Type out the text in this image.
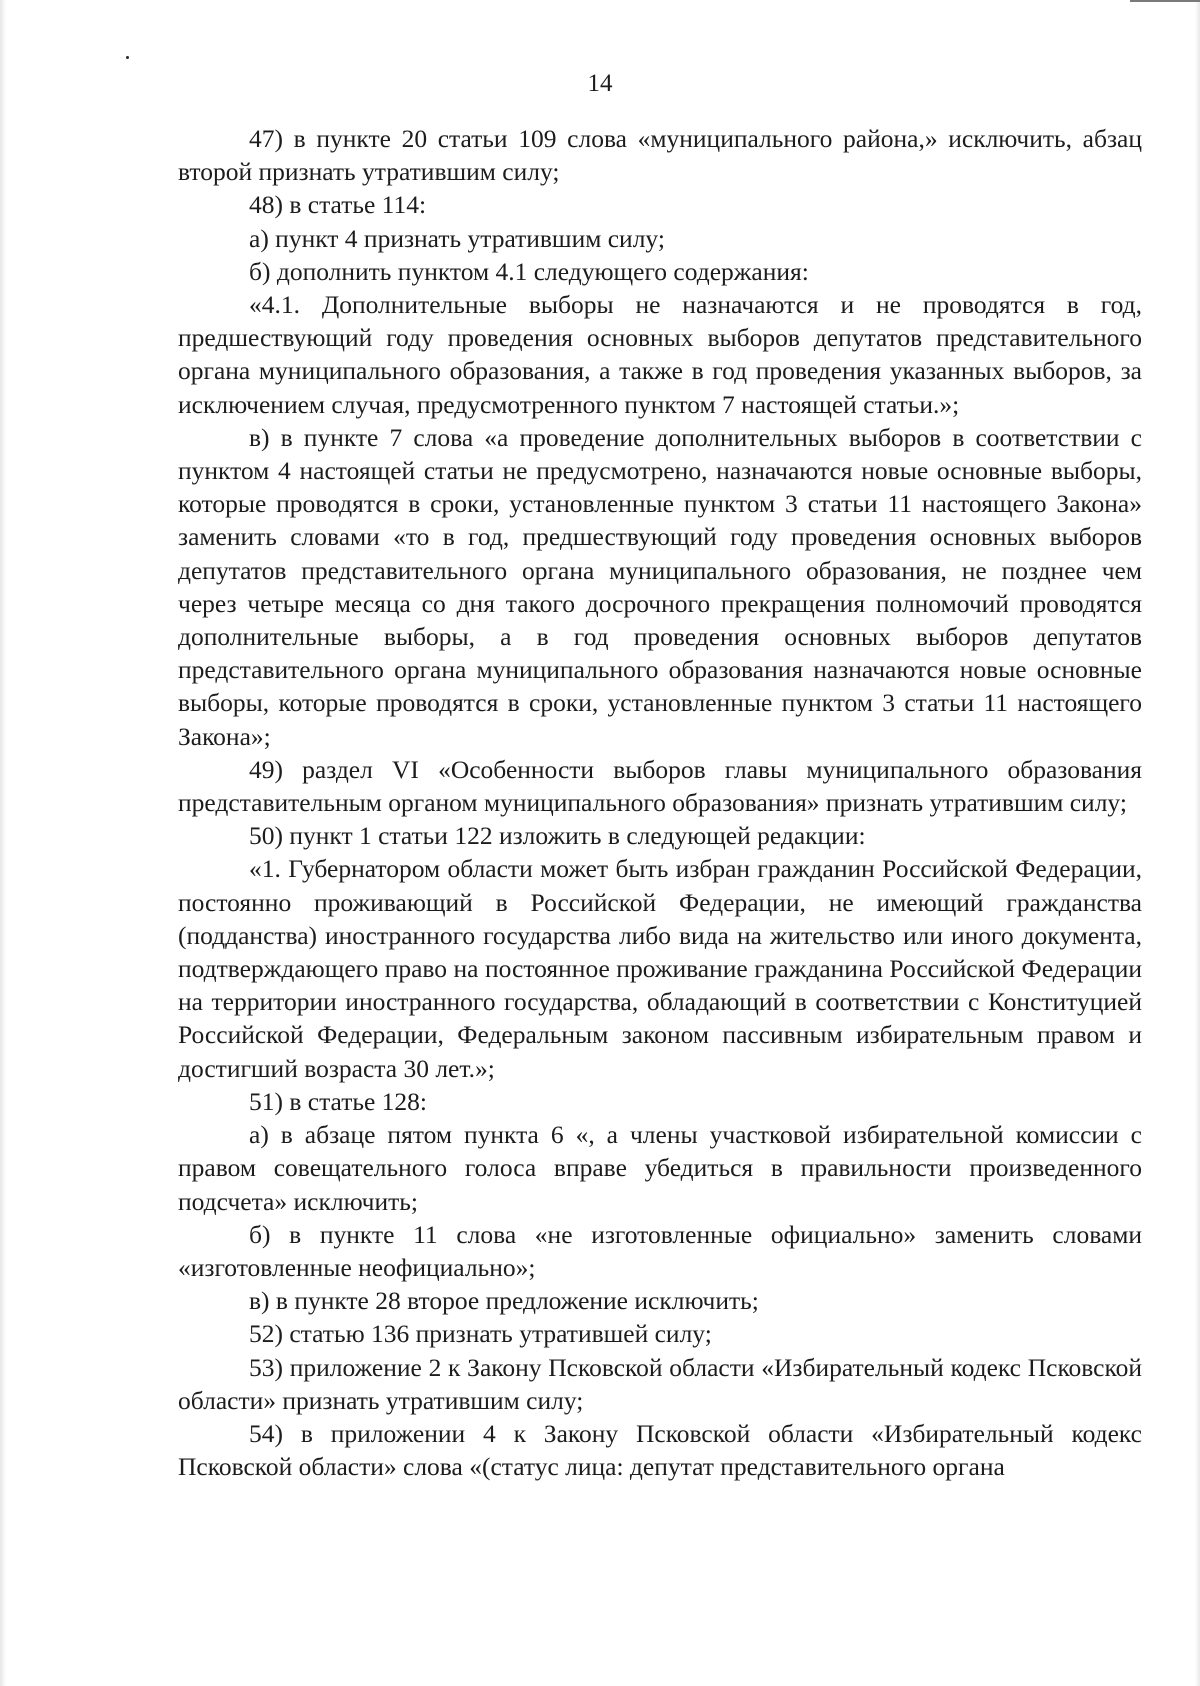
14

47) в пункте 20 статьи 109 слова «муниципального района,» исключить, абзац второй признать утратившим силу;

48) в статье 114:

а) пункт 4 признать утратившим силу;

б) дополнить пунктом 4.1 следующего содержания:

«4.1. Дополнительные выборы не назначаются и не проводятся в год, предшествующий году проведения основных выборов депутатов представительного органа муниципального образования, а также в год проведения указанных выборов, за исключением случая, предусмотренного пунктом 7 настоящей статьи.»;

в) в пункте 7 слова «а проведение дополнительных выборов в соответствии с пунктом 4 настоящей статьи не предусмотрено, назначаются новые основные выборы, которые проводятся в сроки, установленные пунктом 3 статьи 11 настоящего Закона» заменить словами «то в год, предшествующий году проведения основных выборов депутатов представительного органа муниципального образования, не позднее чем через четыре месяца со дня такого досрочного прекращения полномочий проводятся дополнительные выборы, а в год проведения основных выборов депутатов представительного органа муниципального образования назначаются новые основные выборы, которые проводятся в сроки, установленные пунктом 3 статьи 11 настоящего Закона»;

49) раздел VI «Особенности выборов главы муниципального образования представительным органом муниципального образования» признать утратившим силу;

50) пункт 1 статьи 122 изложить в следующей редакции:

«1. Губернатором области может быть избран гражданин Российской Федерации, постоянно проживающий в Российской Федерации, не имеющий гражданства (подданства) иностранного государства либо вида на жительство или иного документа, подтверждающего право на постоянное проживание гражданина Российской Федерации на территории иностранного государства, обладающий в соответствии с Конституцией Российской Федерации, Федеральным законом пассивным избирательным правом и достигший возраста 30 лет.»;

51) в статье 128:

а) в абзаце пятом пункта 6 «, а члены участковой избирательной комиссии с правом совещательного голоса вправе убедиться в правильности произведенного подсчета» исключить;

б) в пункте 11 слова «не изготовленные официально» заменить словами «изготовленные неофициально»;

в) в пункте 28 второе предложение исключить;

52) статью 136 признать утратившей силу;

53) приложение 2 к Закону Псковской области «Избирательный кодекс Псковской области» признать утратившим силу;

54) в приложении 4 к Закону Псковской области «Избирательный кодекс Псковской области» слова «(статус лица: депутат представительного органа
